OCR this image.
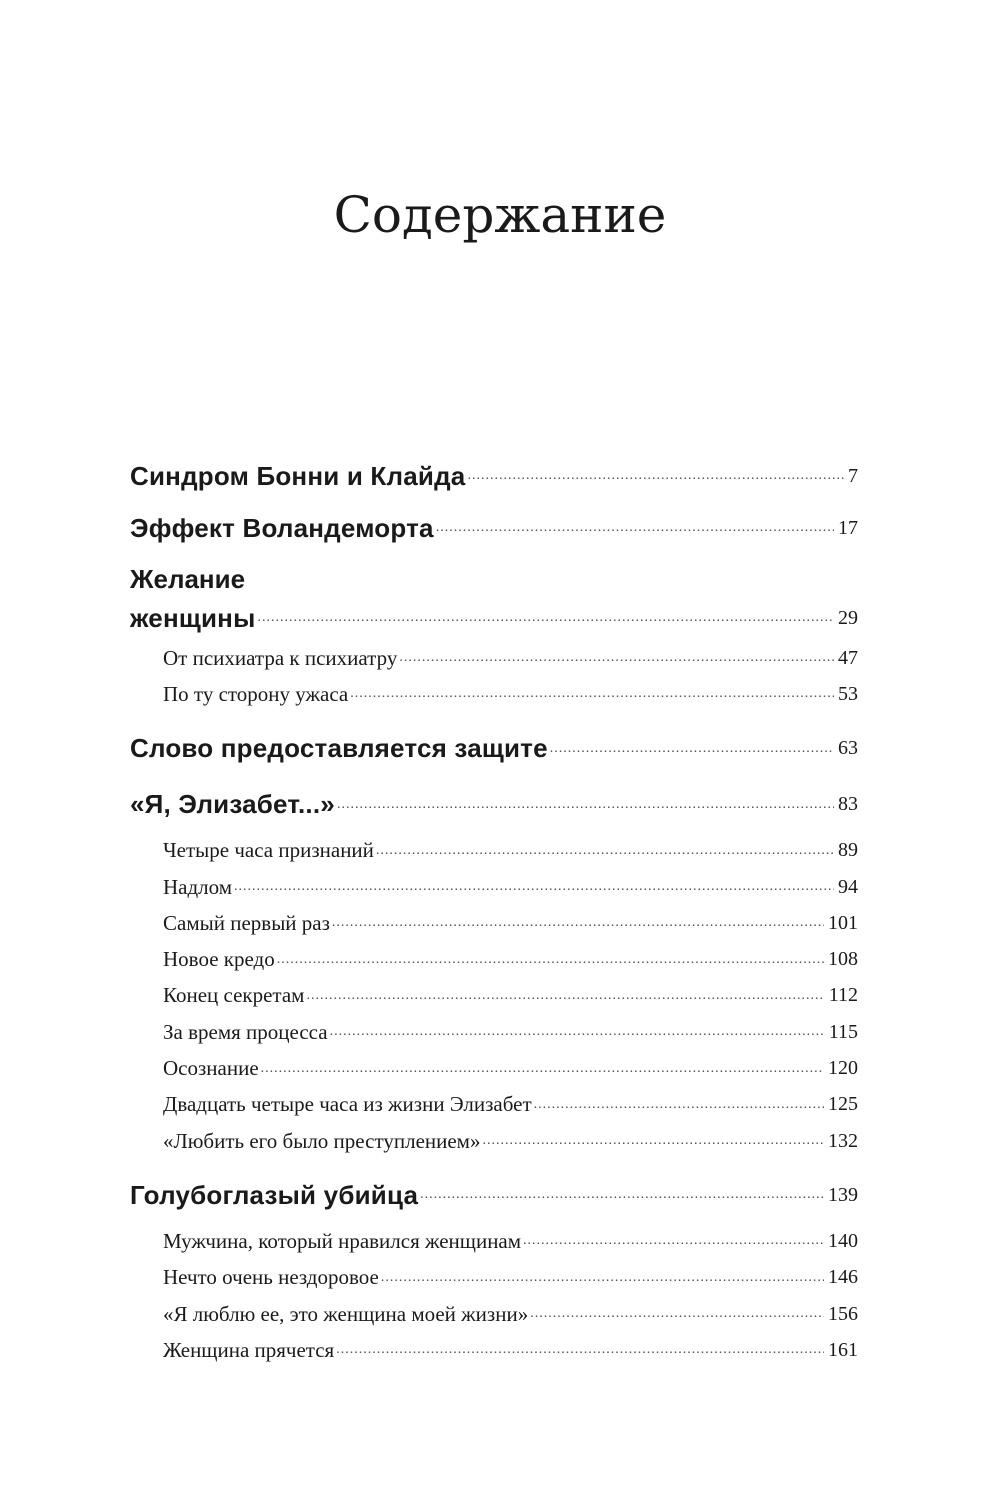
Содержание
Синдром Бонни и Клайда .....	7
Эффект Воландеморта .....	17
Желание
женщины .....	29
От психиатра к психиатру .....	47
По ту сторону ужаса .....	53
Слово предоставляется защите .....	63
«Я, Элизабет...» .....	83
Четыре часа признаний .....	89
Надлом .....	94
Самый первый раз .....	101
Новое кредо .....	108
Конец секретам .....	112
За время процесса .....	115
Осознание .....	120
Двадцать четыре часа из жизни Элизабет .....	125
«Любить его было преступлением» .....	132
Голубоглазый убийца .....	139
Мужчина, который нравился женщинам .....	140
Нечто очень нездоровое .....	146
«Я люблю ее, это женщина моей жизни» .....	156
Женщина прячется .....	161
